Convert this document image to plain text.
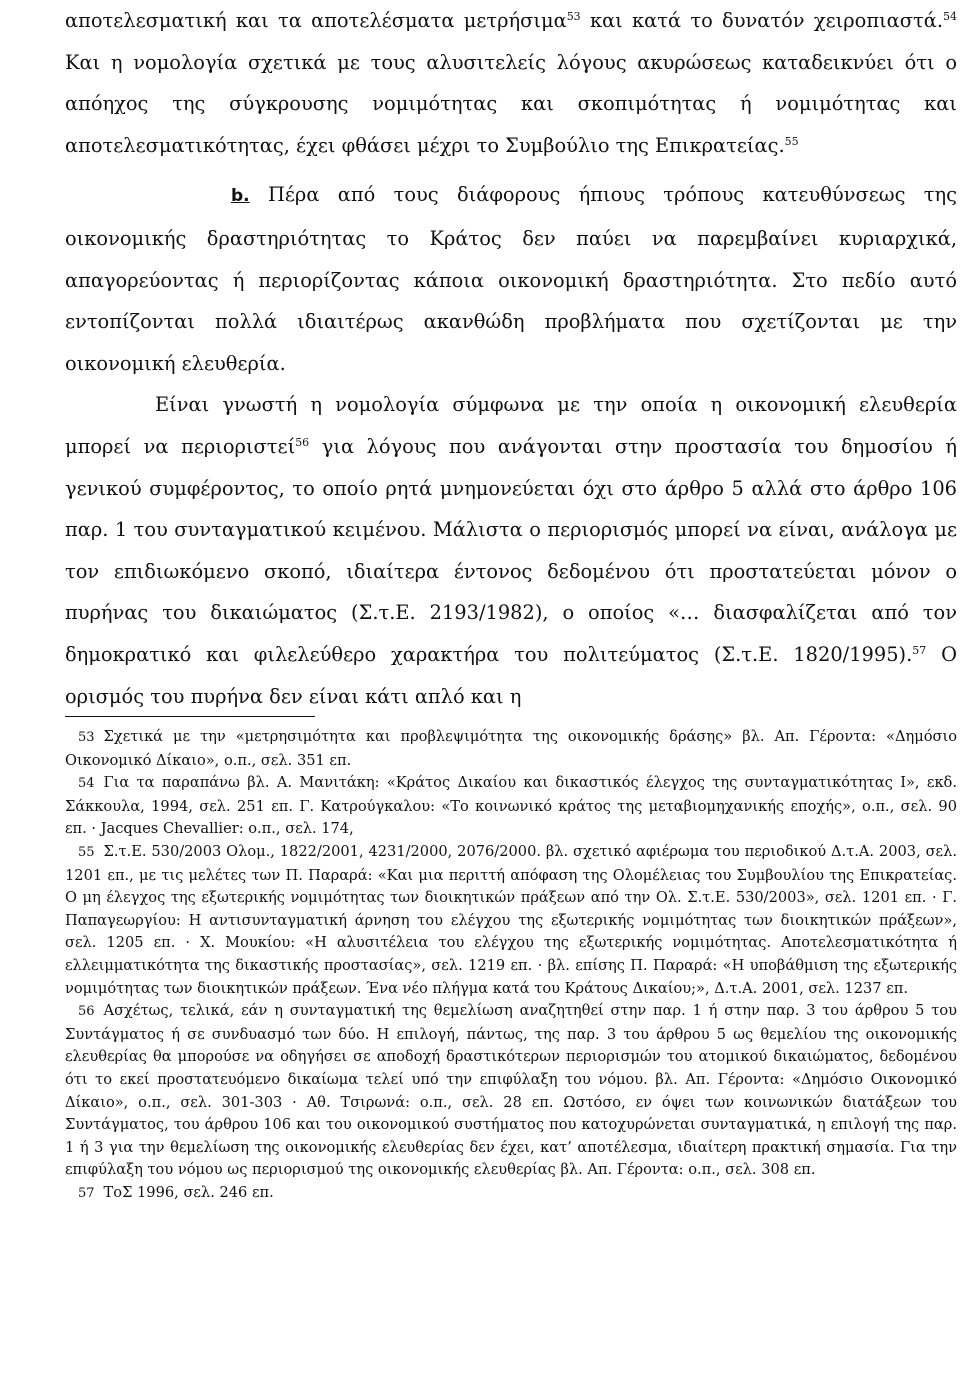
αποτελεσματική και τα αποτελέσματα μετρήσιμα$^{53}$ και κατά το δυνατόν χειροπιαστά.$^{54}$ Και η νομολογία σχετικά με τους αλυσιτελείς λόγους ακυρώσεως καταδεικνύει ότι ο απόηχος της σύγκρουσης νομιμότητας και σκοπιμότητας ή νομιμότητας και αποτελεσματικότητας, έχει φθάσει μέχρι το Συμβούλιο της Επικρατείας.$^{55}$

b. Πέρα από τους διάφορους ήπιους τρόπους κατευθύνσεως της οικονομικής δραστηριότητας το Κράτος δεν παύει να παρεμβαίνει κυριαρχικά, απαγορεύοντας ή περιορίζοντας κάποια οικονομική δραστηριότητα. Στο πεδίο αυτό εντοπίζονται πολλά ιδιαιτέρως ακανθώδη προβλήματα που σχετίζονται με την οικονομική ελευθερία.

Είναι γνωστή η νομολογία σύμφωνα με την οποία η οικονομική ελευθερία μπορεί να περιοριστεί$^{56}$ για λόγους που ανάγονται στην προστασία του δημοσίου ή γενικού συμφέροντος, το οποίο ρητά μνημονεύεται όχι στο άρθρο 5 αλλά στο άρθρο 106 παρ. 1 του συνταγματικού κειμένου. Μάλιστα ο περιορισμός μπορεί να είναι, ανάλογα με τον επιδιωκόμενο σκοπό, ιδιαίτερα έντονος δεδομένου ότι προστατεύεται μόνον ο πυρήνας του δικαιώματος (Σ.τ.Ε. 2193/1982), ο οποίος «… διασφαλίζεται από τον δημοκρατικό και φιλελεύθερο χαρακτήρα του πολιτεύματος (Σ.τ.Ε. 1820/1995).$^{57}$ Ο ορισμός του πυρήνα δεν είναι κάτι απλό και η

53 Σχετικά με την «μετρησιμότητα και προβλεψιμότητα της οικονομικής δράσης» βλ. Απ. Γέροντα: «Δημόσιο Οικονομικό Δίκαιο», ο.π., σελ. 351 επ.

54 Για τα παραπάνω βλ. Α. Μανιτάκη: «Κράτος Δικαίου και δικαστικός έλεγχος της συνταγματικότητας Ι», εκδ. Σάκκουλα, 1994, σελ. 251 επ. Γ. Κατρούγκαλου: «Το κοινωνικό κράτος της μεταβιομηχανικής εποχής», ο.π., σελ. 90 επ. · Jacques Chevallier: ο.π., σελ. 174,

55 Σ.τ.Ε. 530/2003 Ολομ., 1822/2001, 4231/2000, 2076/2000. βλ. σχετικό αφιέρωμα του περιοδικού Δ.τ.Α. 2003, σελ. 1201 επ., με τις μελέτες των Π. Παραρά: «Και μια περιττή απόφαση της Ολομέλειας του Συμβουλίου της Επικρατείας. Ο μη έλεγχος της εξωτερικής νομιμότητας των διοικητικών πράξεων από την Ολ. Σ.τ.Ε. 530/2003», σελ. 1201 επ. · Γ. Παπαγεωργίου: Η αντισυνταγματική άρνηση του ελέγχου της εξωτερικής νομιμότητας των διοικητικών πράξεων», σελ. 1205 επ. · Χ. Μουκίου: «Η αλυσιτέλεια του ελέγχου της εξωτερικής νομιμότητας. Αποτελεσματικότητα ή ελλειμματικότητα της δικαστικής προστασίας», σελ. 1219 επ. · βλ. επίσης Π. Παραρά: «Η υποβάθμιση της εξωτερικής νομιμότητας των διοικητικών πράξεων. Ένα νέο πλήγμα κατά του Κράτους Δικαίου;», Δ.τ.Α. 2001, σελ. 1237 επ.

56 Ασχέτως, τελικά, εάν η συνταγματική της θεμελίωση αναζητηθεί στην παρ. 1 ή στην παρ. 3 του άρθρου 5 του Συντάγματος ή σε συνδυασμό των δύο. Η επιλογή, πάντως, της παρ. 3 του άρθρου 5 ως θεμελίου της οικονομικής ελευθερίας θα μπορούσε να οδηγήσει σε αποδοχή δραστικότερων περιορισμών του ατομικού δικαιώματος, δεδομένου ότι το εκεί προστατευόμενο δικαίωμα τελεί υπό την επιφύλαξη του νόμου. βλ. Απ. Γέροντα: «Δημόσιο Οικονομικό Δίκαιο», ο.π., σελ. 301-303 · Αθ. Τσιρωνά: ο.π., σελ. 28 επ. Ωστόσο, εν όψει των κοινωνικών διατάξεων του Συντάγματος, του άρθρου 106 και του οικονομικού συστήματος που κατοχυρώνεται συνταγματικά, η επιλογή της παρ. 1 ή 3 για την θεμελίωση της οικονομικής ελευθερίας δεν έχει, κατ’ αποτέλεσμα, ιδιαίτερη πρακτική σημασία. Για την επιφύλαξη του νόμου ως περιορισμού της οικονομικής ελευθερίας βλ. Απ. Γέροντα: ο.π., σελ. 308 επ.

57 ΤοΣ 1996, σελ. 246 επ.
